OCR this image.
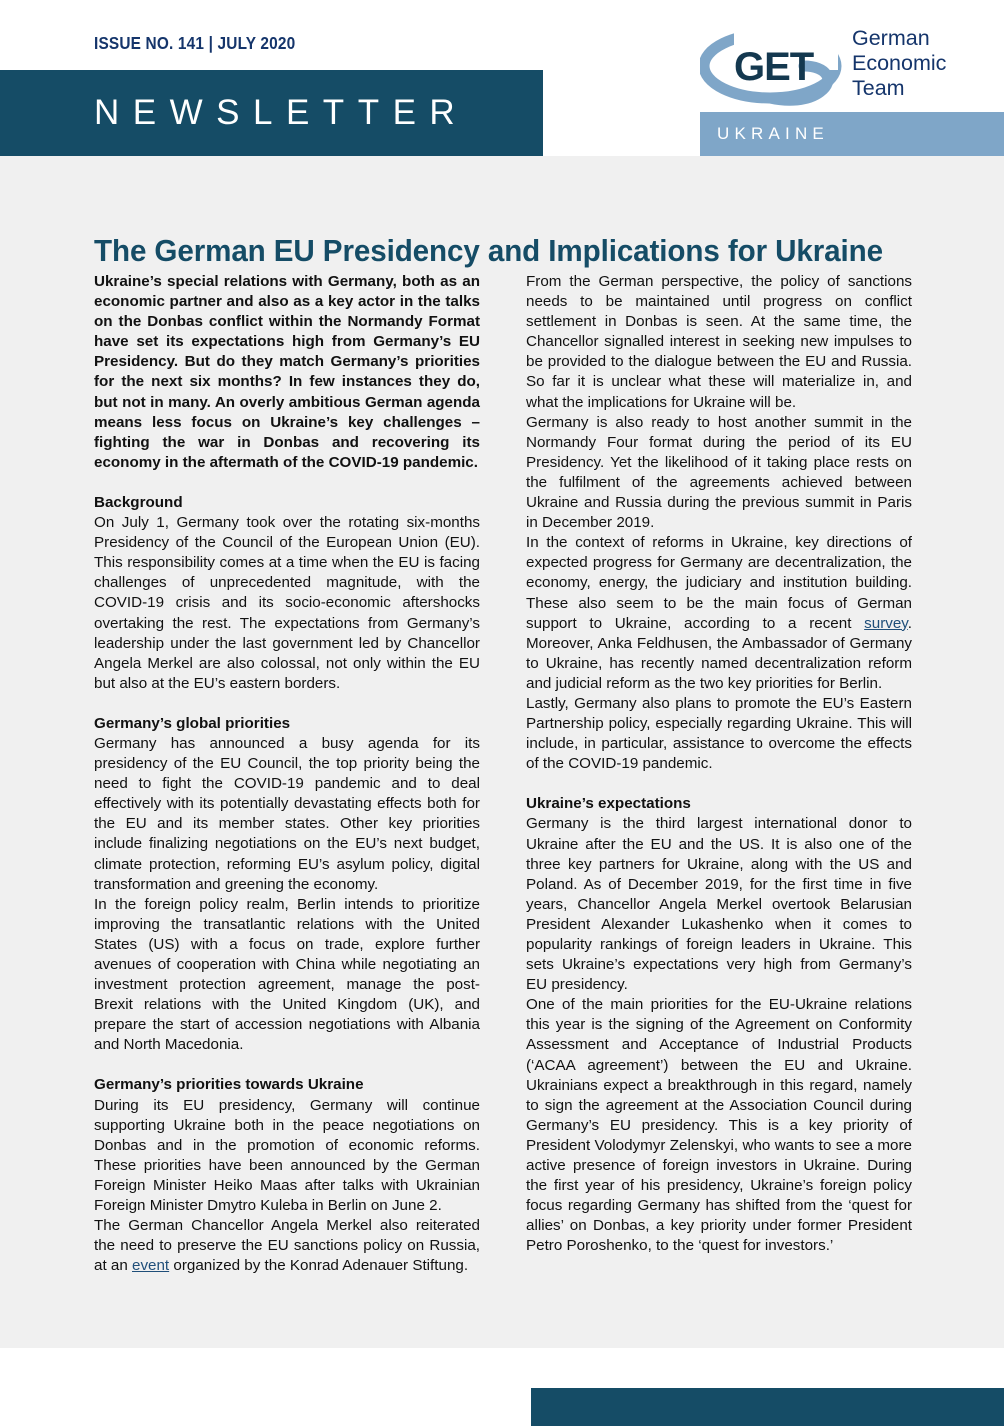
ISSUE NO. 141 | JULY 2020
NEWSLETTER
GET
German
Economic
Team
UKRAINE
The German EU Presidency and Implications for Ukraine

Ukraine’s special relations with Germany, both as an economic partner and also as a key actor in the talks on the Donbas conflict within the Normandy Format have set its expectations high from Germany’s EU Presidency. But do they match Germany’s priorities for the next six months? In few instances they do, but not in many. An overly ambitious German agenda means less focus on Ukraine’s key challenges – fighting the war in Donbas and recovering its economy in the aftermath of the COVID-19 pandemic.

Background

On July 1, Germany took over the rotating six-months Presidency of the Council of the European Union (EU). This responsibility comes at a time when the EU is facing challenges of unprecedented magnitude, with the COVID-19 crisis and its socio-economic aftershocks overtaking the rest. The expectations from Germany’s leadership under the last government led by Chancellor Angela Merkel are also colossal, not only within the EU but also at the EU’s eastern borders.

Germany’s global priorities

Germany has announced a busy agenda for its presidency of the EU Council, the top priority being the need to fight the COVID-19 pandemic and to deal effectively with its potentially devastating effects both for the EU and its member states. Other key priorities include finalizing negotiations on the EU’s next budget, climate protection, reforming EU’s asylum policy, digital transformation and greening the economy.

In the foreign policy realm, Berlin intends to prioritize improving the transatlantic relations with the United States (US) with a focus on trade, explore further avenues of cooperation with China while negotiating an investment protection agreement, manage the post-Brexit relations with the United Kingdom (UK), and prepare the start of accession negotiations with Albania and North Macedonia.

Germany’s priorities towards Ukraine

During its EU presidency, Germany will continue supporting Ukraine both in the peace negotiations on Donbas and in the promotion of economic reforms. These priorities have been announced by the German Foreign Minister Heiko Maas after talks with Ukrainian Foreign Minister Dmytro Kuleba in Berlin on June 2.

The German Chancellor Angela Merkel also reiterated the need to preserve the EU sanctions policy on Russia, at an event organized by the Konrad Adenauer Stiftung.

From the German perspective, the policy of sanctions needs to be maintained until progress on conflict settlement in Donbas is seen. At the same time, the Chancellor signalled interest in seeking new impulses to be provided to the dialogue between the EU and Russia. So far it is unclear what these will materialize in, and what the implications for Ukraine will be.

Germany is also ready to host another summit in the Normandy Four format during the period of its EU Presidency. Yet the likelihood of it taking place rests on the fulfilment of the agreements achieved between Ukraine and Russia during the previous summit in Paris in December 2019.

In the context of reforms in Ukraine, key directions of expected progress for Germany are decentralization, the economy, energy, the judiciary and institution building. These also seem to be the main focus of German support to Ukraine, according to a recent survey. Moreover, Anka Feldhusen, the Ambassador of Germany to Ukraine, has recently named decentralization reform and judicial reform as the two key priorities for Berlin.

Lastly, Germany also plans to promote the EU’s Eastern Partnership policy, especially regarding Ukraine. This will include, in particular, assistance to overcome the effects of the COVID-19 pandemic.

Ukraine’s expectations

Germany is the third largest international donor to Ukraine after the EU and the US. It is also one of the three key partners for Ukraine, along with the US and Poland. As of December 2019, for the first time in five years, Chancellor Angela Merkel overtook Belarusian President Alexander Lukashenko when it comes to popularity rankings of foreign leaders in Ukraine. This sets Ukraine’s expectations very high from Germany’s EU presidency.

One of the main priorities for the EU-Ukraine relations this year is the signing of the Agreement on Conformity Assessment and Acceptance of Industrial Products (‘ACAA agreement’) between the EU and Ukraine. Ukrainians expect a breakthrough in this regard, namely to sign the agreement at the Association Council during Germany’s EU presidency. This is a key priority of President Volodymyr Zelenskyi, who wants to see a more active presence of foreign investors in Ukraine. During the first year of his presidency, Ukraine’s foreign policy focus regarding Germany has shifted from the ‘quest for allies’ on Donbas, a key priority under former President Petro Poroshenko, to the ‘quest for investors.’
